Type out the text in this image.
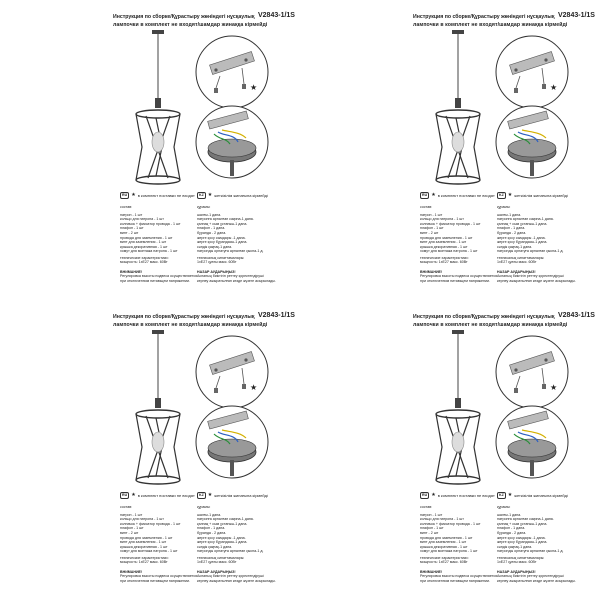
Инструкция по сборке/Құрастыру жөніндегі нұсқаулық V2843-1/1S
лампочки в комплект не входят/шамдар жинаққа кірмейді
★
RU ★ в комплект поставки не входят	KZ ★ жеткізілім жинағына кірмейді
состав:
патрон - 1 шт
кольцо для патрона - 1 шт
колпачок + фиксатор провода - 1 шт
плафон - 1 шт
винт - 2 шт
провода для заземления - 1 шт
винт для заземления - 1 шт
крышка декоративная - 1 шт
хомут для монтажа патрона - 1 шт
құрамы:
шалғы-1 дана.
патронға арналған сақина-1 дана.
қалпақ + сым ұстағыш-1 дана.
плафон - 1 дана.
бұранда - 2 дана.
жерге қосу сымдары -1 дана.
жерге қосу бұрандасы-1 дана.
сәндік қақпақ-1 дана.
патронды орнатуға арналған қыспа-1 д.
технические характеристики:
мощность: 1xE27 макс. 60Вт
техникалық сипаттамалары:
1xE27 қуаты макс. 60Вт
ВНИМАНИЕ!
Регулировка высоты подвеса осуществляется
при отключенном питающем напряжении.
НАЗАР АУДАРЫҢЫЗ!
Аспаның биіктігін реттеу қоректендіруші
кернеу ажыратылған кезде жүзеге асырылады.
Инструкция по сборке/Құрастыру жөніндегі нұсқаулық V2843-1/1S
лампочки в комплект не входят/шамдар жинаққа кірмейді
★
RU ★ в комплект поставки не входят	KZ ★ жеткізілім жинағына кірмейді
состав:
патрон - 1 шт
кольцо для патрона - 1 шт
колпачок + фиксатор провода - 1 шт
плафон - 1 шт
винт - 2 шт
провода для заземления - 1 шт
винт для заземления - 1 шт
крышка декоративная - 1 шт
хомут для монтажа патрона - 1 шт
құрамы:
шалғы-1 дана.
патронға арналған сақина-1 дана.
қалпақ + сым ұстағыш-1 дана.
плафон - 1 дана.
бұранда - 2 дана.
жерге қосу сымдары -1 дана.
жерге қосу бұрандасы-1 дана.
сәндік қақпақ-1 дана.
патронды орнатуға арналған қыспа-1 д.
технические характеристики:
мощность: 1xE27 макс. 60Вт
техникалық сипаттамалары:
1xE27 қуаты макс. 60Вт
ВНИМАНИЕ!
Регулировка высоты подвеса осуществляется
при отключенном питающем напряжении.
НАЗАР АУДАРЫҢЫЗ!
Аспаның биіктігін реттеу қоректендіруші
кернеу ажыратылған кезде жүзеге асырылады.
Инструкция по сборке/Құрастыру жөніндегі нұсқаулық V2843-1/1S
лампочки в комплект не входят/шамдар жинаққа кірмейді
★
RU ★ в комплект поставки не входят	KZ ★ жеткізілім жинағына кірмейді
состав:
патрон - 1 шт
кольцо для патрона - 1 шт
колпачок + фиксатор провода - 1 шт
плафон - 1 шт
винт - 2 шт
провода для заземления - 1 шт
винт для заземления - 1 шт
крышка декоративная - 1 шт
хомут для монтажа патрона - 1 шт
құрамы:
шалғы-1 дана.
патронға арналған сақина-1 дана.
қалпақ + сым ұстағыш-1 дана.
плафон - 1 дана.
бұранда - 2 дана.
жерге қосу сымдары -1 дана.
жерге қосу бұрандасы-1 дана.
сәндік қақпақ-1 дана.
патронды орнатуға арналған қыспа-1 д.
технические характеристики:
мощность: 1xE27 макс. 60Вт
техникалық сипаттамалары:
1xE27 қуаты макс. 60Вт
ВНИМАНИЕ!
Регулировка высоты подвеса осуществляется
при отключенном питающем напряжении.
НАЗАР АУДАРЫҢЫЗ!
Аспаның биіктігін реттеу қоректендіруші
кернеу ажыратылған кезде жүзеге асырылады.
Инструкция по сборке/Құрастыру жөніндегі нұсқаулық V2843-1/1S
лампочки в комплект не входят/шамдар жинаққа кірмейді
★
RU ★ в комплект поставки не входят	KZ ★ жеткізілім жинағына кірмейді
состав:
патрон - 1 шт
кольцо для патрона - 1 шт
колпачок + фиксатор провода - 1 шт
плафон - 1 шт
винт - 2 шт
провода для заземления - 1 шт
винт для заземления - 1 шт
крышка декоративная - 1 шт
хомут для монтажа патрона - 1 шт
құрамы:
шалғы-1 дана.
патронға арналған сақина-1 дана.
қалпақ + сым ұстағыш-1 дана.
плафон - 1 дана.
бұранда - 2 дана.
жерге қосу сымдары -1 дана.
жерге қосу бұрандасы-1 дана.
сәндік қақпақ-1 дана.
патронды орнатуға арналған қыспа-1 д.
технические характеристики:
мощность: 1xE27 макс. 60Вт
техникалық сипаттамалары:
1xE27 қуаты макс. 60Вт
ВНИМАНИЕ!
Регулировка высоты подвеса осуществляется
при отключенном питающем напряжении.
НАЗАР АУДАРЫҢЫЗ!
Аспаның биіктігін реттеу қоректендіруші
кернеу ажыратылған кезде жүзеге асырылады.
